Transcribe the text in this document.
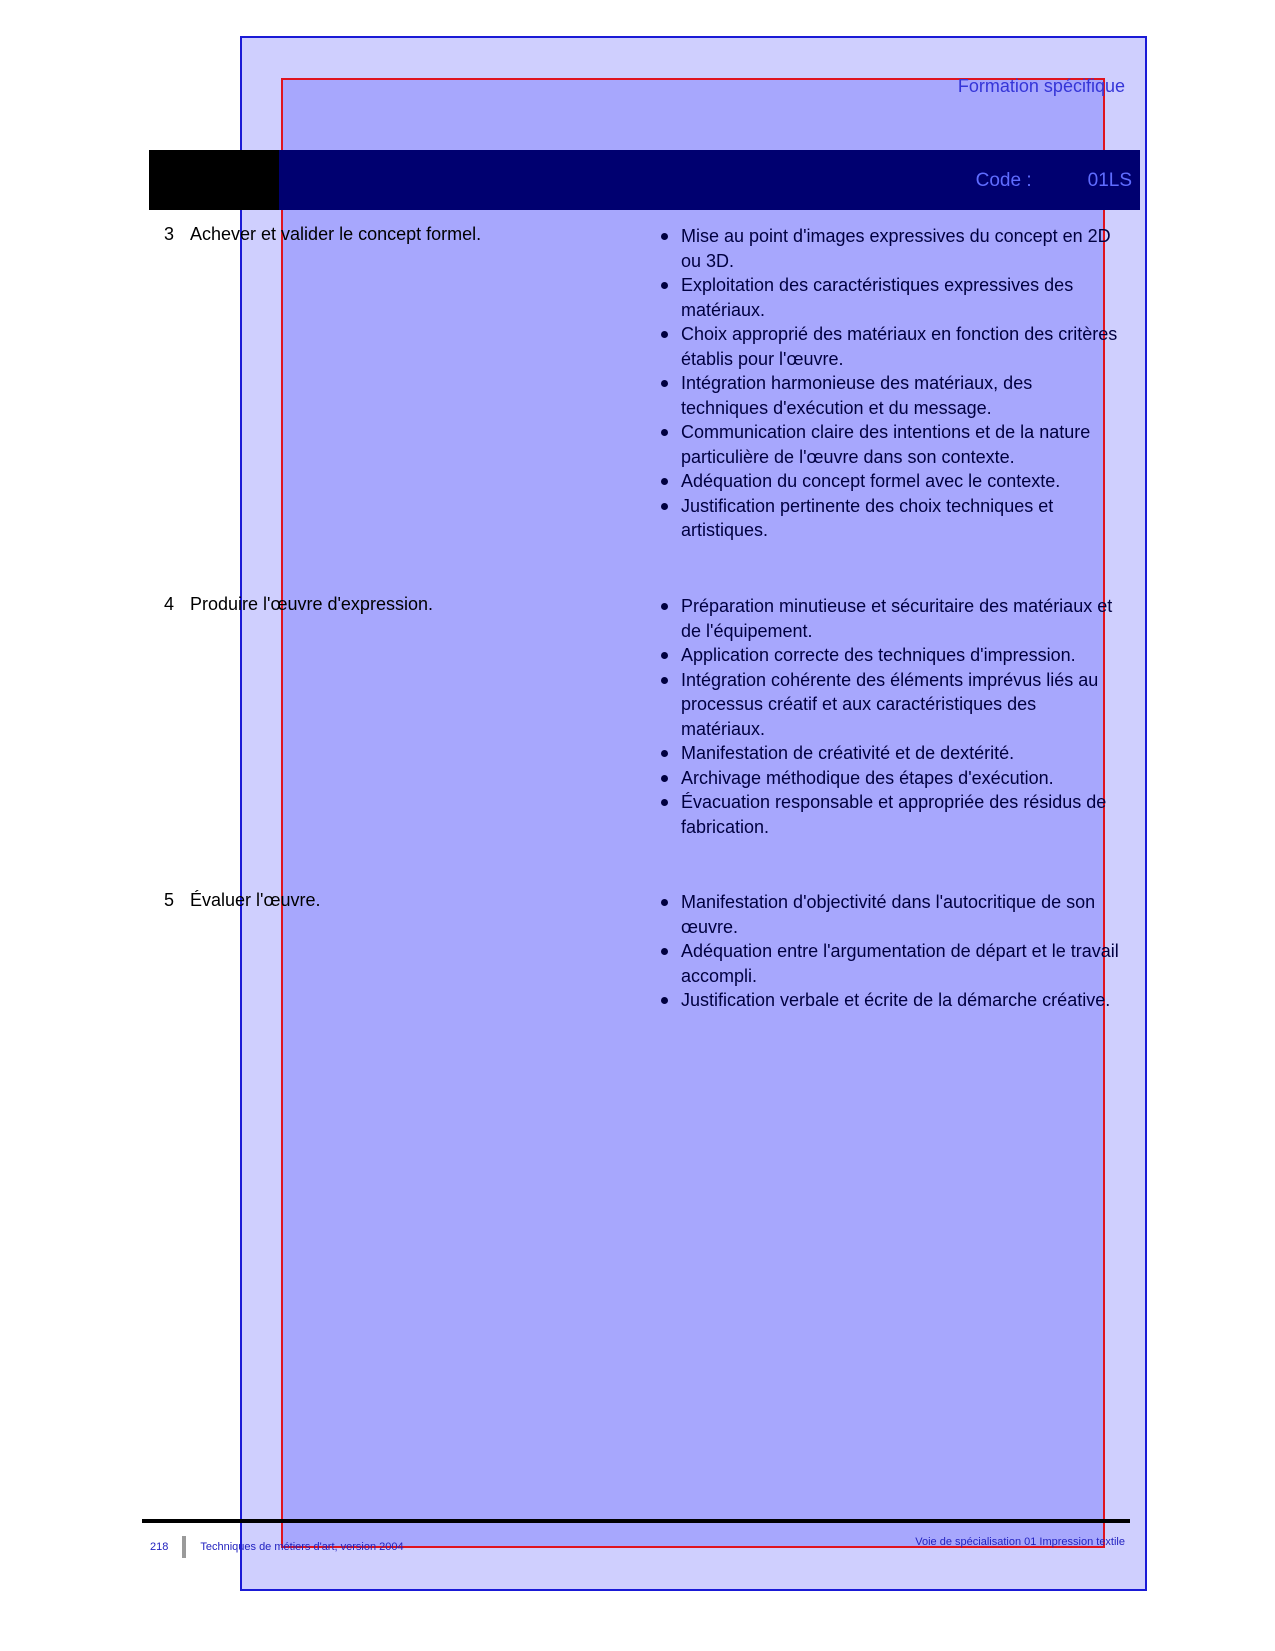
Formation spécifique
Code :	01LS
3 Achever et valider le concept formel.	Mise au point d'images expressives du concept en 2D ou 3D.
Exploitation des caractéristiques expressives des matériaux.
Choix approprié des matériaux en fonction des critères établis pour l'œuvre.
Intégration harmonieuse des matériaux, des techniques d'exécution et du message.
Communication claire des intentions et de la nature particulière de l'œuvre dans son contexte.
Adéquation du concept formel avec le contexte.
Justification pertinente des choix techniques et artistiques.
4 Produire l'œuvre d'expression.	Préparation minutieuse et sécuritaire des matériaux et de l'équipement.
Application correcte des techniques d'impression.
Intégration cohérente des éléments imprévus liés au processus créatif et aux caractéristiques des matériaux.
Manifestation de créativité et de dextérité.
Archivage méthodique des étapes d'exécution.
Évacuation responsable et appropriée des résidus de fabrication.
5 Évaluer l'œuvre.	Manifestation d'objectivité dans l'autocritique de son œuvre.
Adéquation entre l'argumentation de départ et le travail accompli.
Justification verbale et écrite de la démarche créative.
218	Techniques de métiers d'art, version 2004	Voie de spécialisation 01 Impression textile
